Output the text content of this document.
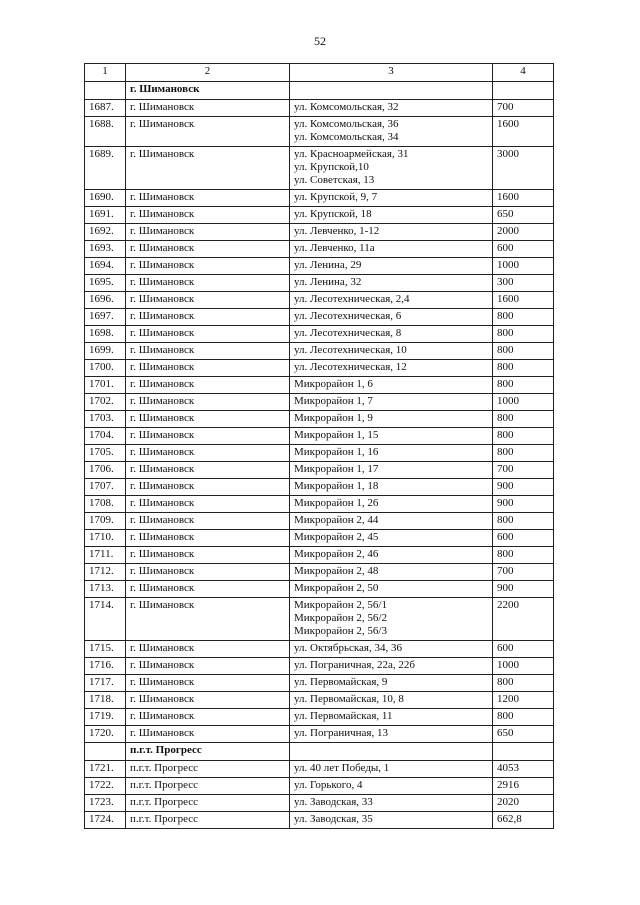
52
1	2	3	4
	г. Шимановск		
1687.	г. Шимановск	ул. Комсомольская, 32	700
1688.	г. Шимановск	ул. Комсомольская, 36
ул. Комсомольская, 34	1600
1689.	г. Шимановск	ул. Красноармейская, 31
ул. Крупской,10
ул. Советская, 13	3000
1690.	г. Шимановск	ул. Крупской, 9, 7	1600
1691.	г. Шимановск	ул. Крупской, 18	650
1692.	г. Шимановск	ул. Левченко, 1-12	2000
1693.	г. Шимановск	ул. Левченко, 11а	600
1694.	г. Шимановск	ул. Ленина, 29	1000
1695.	г. Шимановск	ул. Ленина, 32	300
1696.	г. Шимановск	ул. Лесотехническая, 2,4	1600
1697.	г. Шимановск	ул. Лесотехническая, 6	800
1698.	г. Шимановск	ул. Лесотехническая, 8	800
1699.	г. Шимановск	ул. Лесотехническая, 10	800
1700.	г. Шимановск	ул. Лесотехническая, 12	800
1701.	г. Шимановск	Микрорайон 1, 6	800
1702.	г. Шимановск	Микрорайон 1, 7	1000
1703.	г. Шимановск	Микрорайон 1, 9	800
1704.	г. Шимановск	Микрорайон 1, 15	800
1705.	г. Шимановск	Микрорайон 1, 16	800
1706.	г. Шимановск	Микрорайон 1, 17	700
1707.	г. Шимановск	Микрорайон 1, 18	900
1708.	г. Шимановск	Микрорайон 1, 26	900
1709.	г. Шимановск	Микрорайон 2, 44	800
1710.	г. Шимановск	Микрорайон 2, 45	600
1711.	г. Шимановск	Микрорайон 2, 46	800
1712.	г. Шимановск	Микрорайон 2, 48	700
1713.	г. Шимановск	Микрорайон 2, 50	900
1714.	г. Шимановск	Микрорайон 2, 56/1
Микрорайон 2, 56/2
Микрорайон 2, 56/3	2200
1715.	г. Шимановск	ул. Октябрьская, 34, 36	600
1716.	г. Шимановск	ул. Пограничная, 22а, 22б	1000
1717.	г. Шимановск	ул. Первомайская, 9	800
1718.	г. Шимановск	ул. Первомайская, 10, 8	1200
1719.	г. Шимановск	ул. Первомайская, 11	800
1720.	г. Шимановск	ул. Пограничная, 13	650
	п.г.т. Прогресс		
1721.	п.г.т. Прогресс	ул. 40 лет Победы, 1	4053
1722.	п.г.т. Прогресс	ул. Горького, 4	2916
1723.	п.г.т. Прогресс	ул. Заводская, 33	2020
1724.	п.г.т. Прогресс	ул. Заводская, 35	662,8
